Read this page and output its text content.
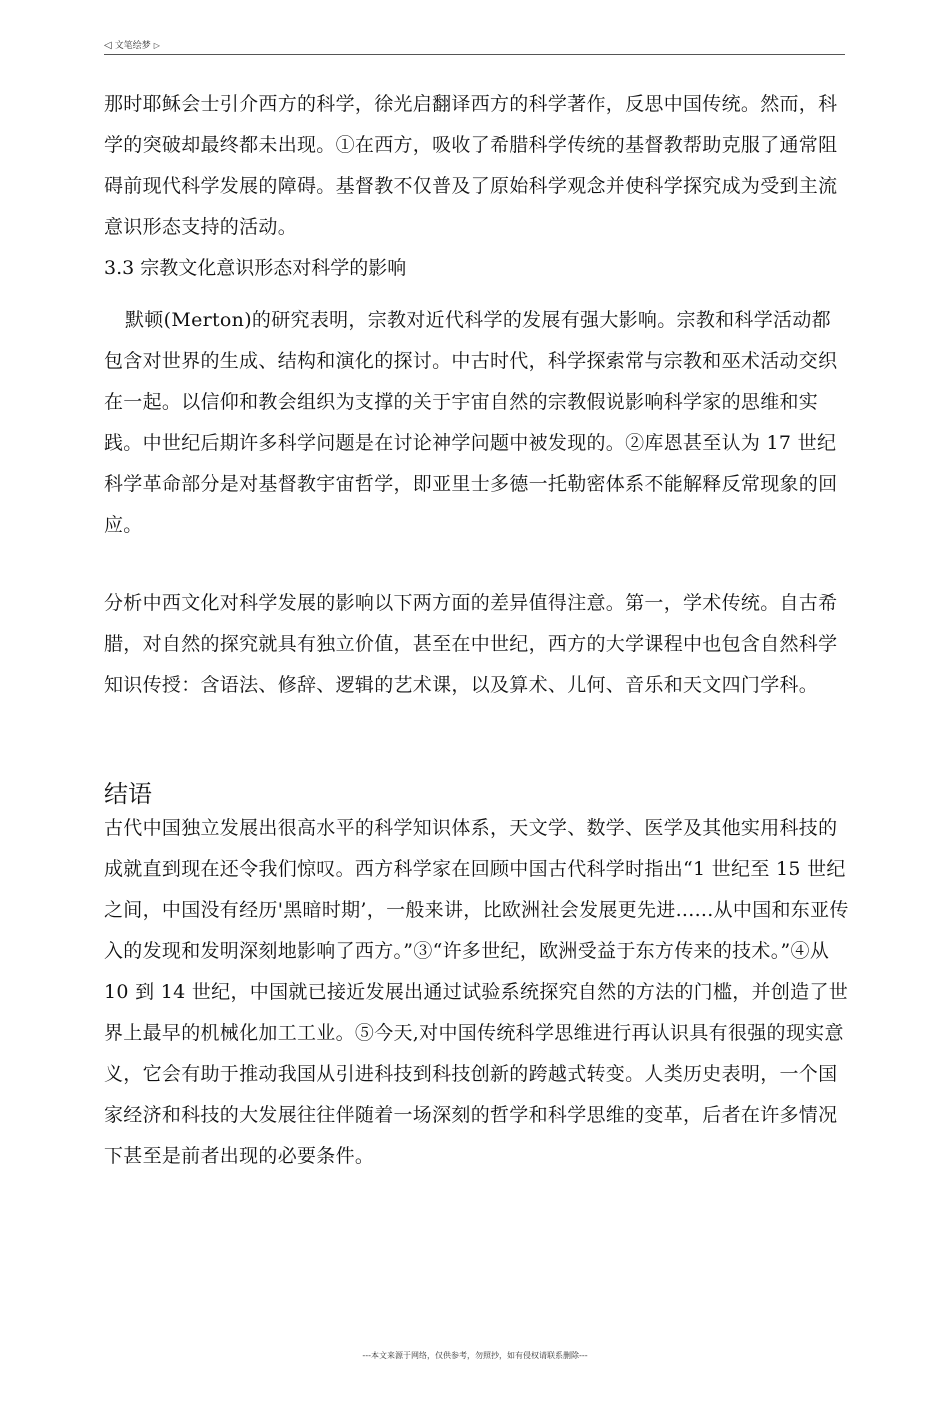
◁ 文笔绘梦 ▷

那时耶稣会士引介西方的科学，徐光启翻译西方的科学著作，反思中国传统。然而，科学的突破却最终都未出现。①在西方，吸收了希腊科学传统的基督教帮助克服了通常阻碍前现代科学发展的障碍。基督教不仅普及了原始科学观念并使科学探究成为受到主流意识形态支持的活动。

3.3 宗教文化意识形态对科学的影响

默顿(Merton)的研究表明，宗教对近代科学的发展有强大影响。宗教和科学活动都包含对世界的生成、结构和演化的探讨。中古时代，科学探索常与宗教和巫术活动交织在一起。以信仰和教会组织为支撑的关于宇宙自然的宗教假说影响科学家的思维和实践。中世纪后期许多科学问题是在讨论神学问题中被发现的。②库恩甚至认为 17 世纪科学革命部分是对基督教宇宙哲学，即亚里士多德一托勒密体系不能解释反常现象的回应。

分析中西文化对科学发展的影响以下两方面的差异值得注意。第一，学术传统。自古希腊，对自然的探究就具有独立价值，甚至在中世纪，西方的大学课程中也包含自然科学知识传授：含语法、修辞、逻辑的艺术课，以及算术、儿何、音乐和天文四门学科。

结语

古代中国独立发展出很高水平的科学知识体系，天文学、数学、医学及其他实用科技的成就直到现在还令我们惊叹。西方科学家在回顾中国古代科学时指出“1 世纪至 15 世纪之间，中国没有经历'黑暗时期’，一般来讲，比欧洲社会发展更先进......从中国和东亚传入的发现和发明深刻地影响了西方。”③“许多世纪，欧洲受益于东方传来的技术。”④从 10 到 14 世纪，中国就已接近发展出通过试验系统探究自然的方法的门槛，并创造了世界上最早的机械化加工工业。⑤今天,对中国传统科学思维进行再认识具有很强的现实意义，它会有助于推动我国从引进科技到科技创新的跨越式转变。人类历史表明，一个国家经济和科技的大发展往往伴随着一场深刻的哲学和科学思维的变革，后者在许多情况下甚至是前者出现的必要条件。

---本文来源于网络，仅供参考，勿照抄，如有侵权请联系删除---
